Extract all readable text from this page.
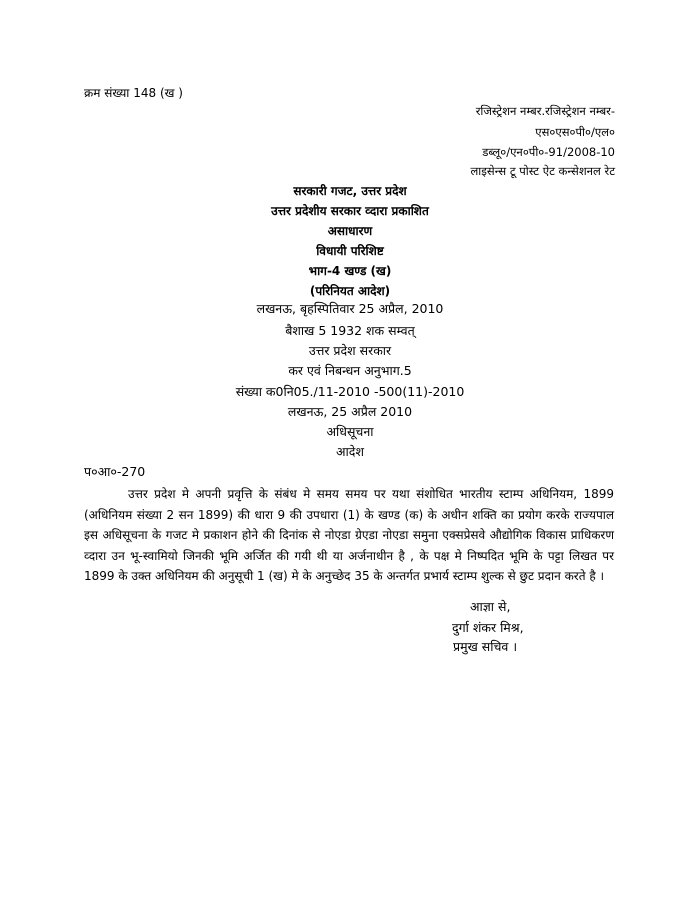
क्रम संख्या 148 (ख )
रजिस्ट्रेशन नम्बर.रजिस्ट्रेशन नम्बर-
एस०एस०पी०/एल०
डब्लू०/एन०पी०-91/2008-10
लाइसेन्स टू पोस्ट ऐट कन्सेशनल रेट
सरकारी गजट, उत्तर प्रदेश
उत्तर प्रदेशीय सरकार व्दारा प्रकाशित
असाधारण
विधायी परिशिष्ट
भाग-4 खण्ड (ख)
(परिनियत आदेश)
लखनऊ, बृहस्पितिवार 25 अप्रैल, 2010
बैशाख 5 1932 शक सम्वत्
उत्तर प्रदेश सरकार
कर एवं निबन्धन अनुभाग.5
संख्या क0नि05./11-2010 -500(11)-2010
लखनऊ, 25 अप्रैल 2010
अधिसूचना
आदेश
प०आ०-270
उत्तर प्रदेश मे अपनी प्रवृत्ति के संबंध मे समय समय पर यथा संशोधित भारतीय स्टाम्प अधिनियम, 1899 (अधिनियम संख्या 2 सन 1899) की धारा 9 की उपधारा (1) के खण्ड (क) के अधीन शक्ति का प्रयोग करके राज्यपाल इस अधिसूचना के गजट मे प्रकाशन होने की दिनांक से नोएडा ग्रेएडा नोएडा समुना एक्सप्रेसवे औद्योगिक विकास प्राधिकरण व्दारा उन भू-स्वामियो जिनकी भूमि अर्जित की गयी थी या अर्जनाधीन है , के पक्ष मे निष्पदित भूमि के पट्टा लिखत पर 1899 के उक्त अधिनियम की अनुसूची 1 (ख) मे के अनुच्छेद 35 के अन्तर्गत प्रभार्य स्टाम्प शुल्क से छुट प्रदान करते है ।
आज्ञा से,
दुर्गा शंकर मिश्र,
प्रमुख सचिव ।
